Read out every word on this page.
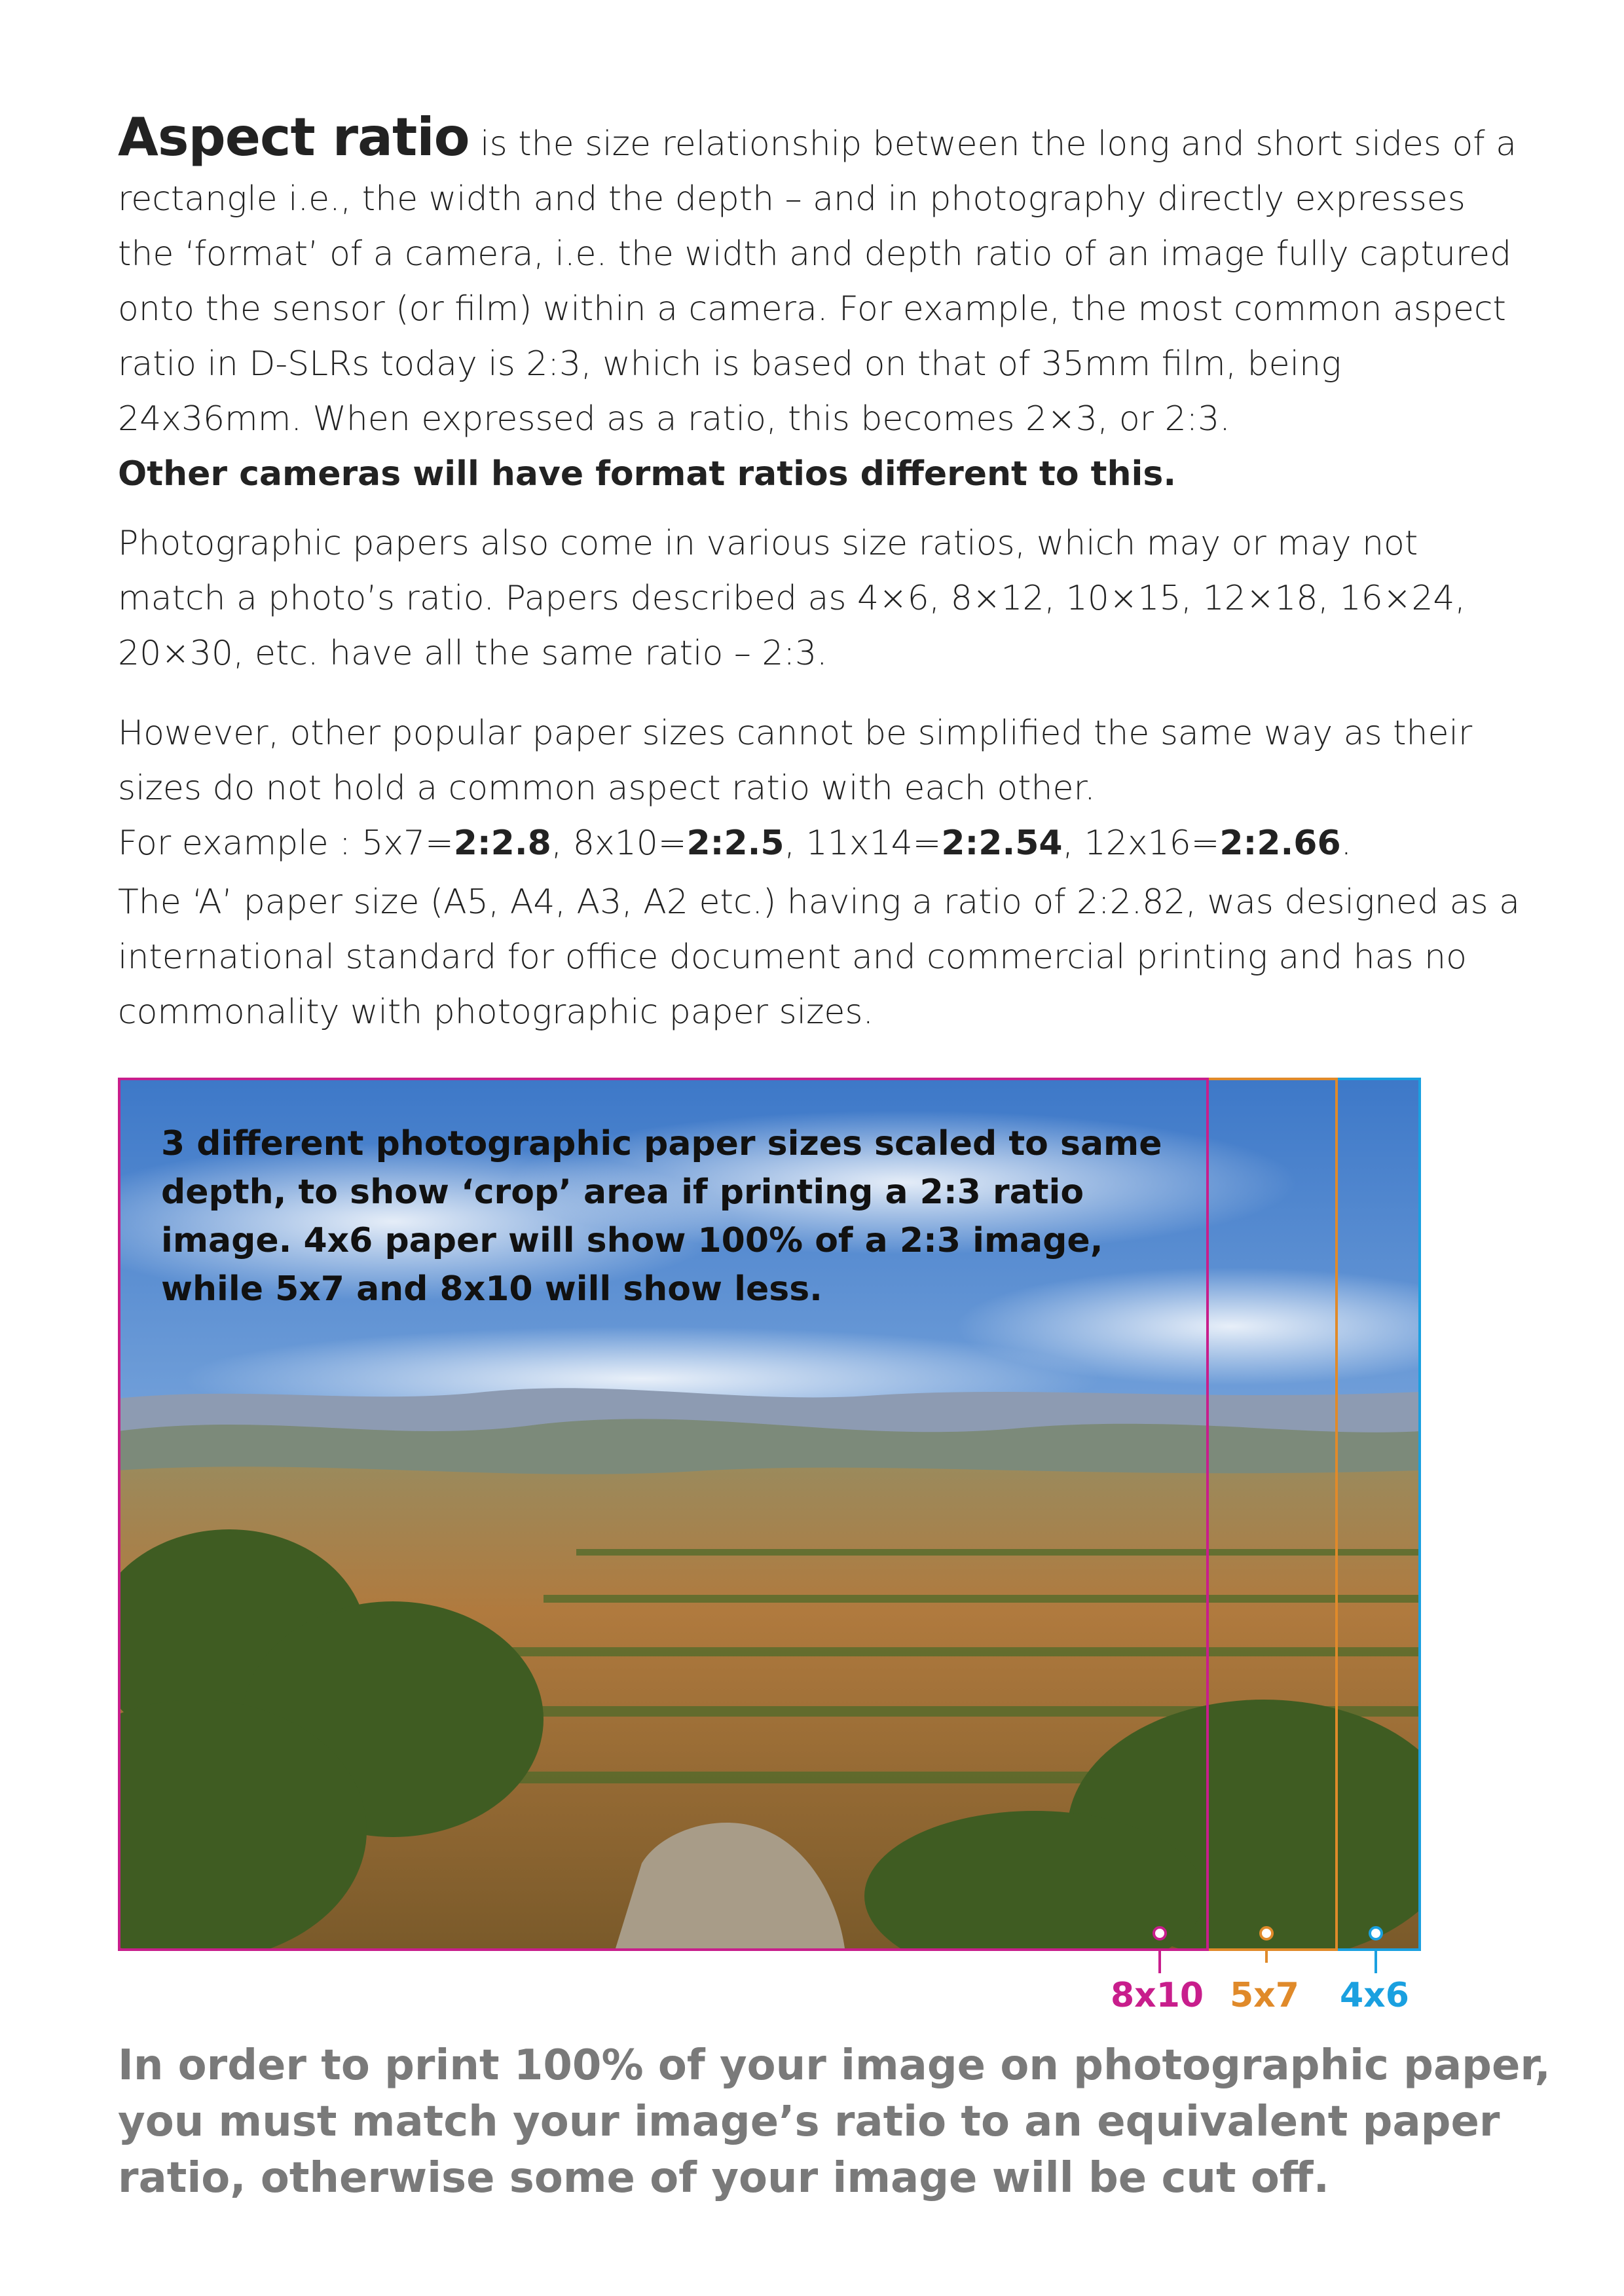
Aspect ratio is the size relationship between the long and short sides of a rectangle i.e., the width and the depth – and in photography directly expresses the ‘format’ of a camera, i.e. the width and depth ratio of an image fully captured onto the sensor (or film) within a camera. For example, the most common aspect ratio in D-SLRs today is 2:3, which is based on that of 35mm film, being 24x36mm. When expressed as a ratio, this becomes 2×3, or 2:3.

Other cameras will have format ratios different to this.

Photographic papers also come in various size ratios, which may or may not match a photo’s ratio. Papers described as 4×6, 8×12, 10×15, 12×18, 16×24, 20×30, etc. have all the same ratio – 2:3.

However, other popular paper sizes cannot be simplified the same way as their sizes do not hold a common aspect ratio with each other.

For example : 5x7=2:2.8, 8x10=2:2.5, 11x14=2:2.54, 12x16=2:2.66.

The ‘A’ paper size (A5, A4, A3, A2 etc.) having a ratio of 2:2.82, was designed as a international standard for office document and commercial printing and has no commonality with photographic paper sizes.

3 different photographic paper sizes scaled to same depth, to show ‘crop’ area if printing a 2:3 ratio image. 4x6 paper will show 100% of a 2:3 image, while 5x7 and 8x10 will show less.
8x10 5x7 4x6
In order to print 100% of your image on photographic paper, you must match your image’s ratio to an equivalent paper ratio, otherwise some of your image will be cut off.
